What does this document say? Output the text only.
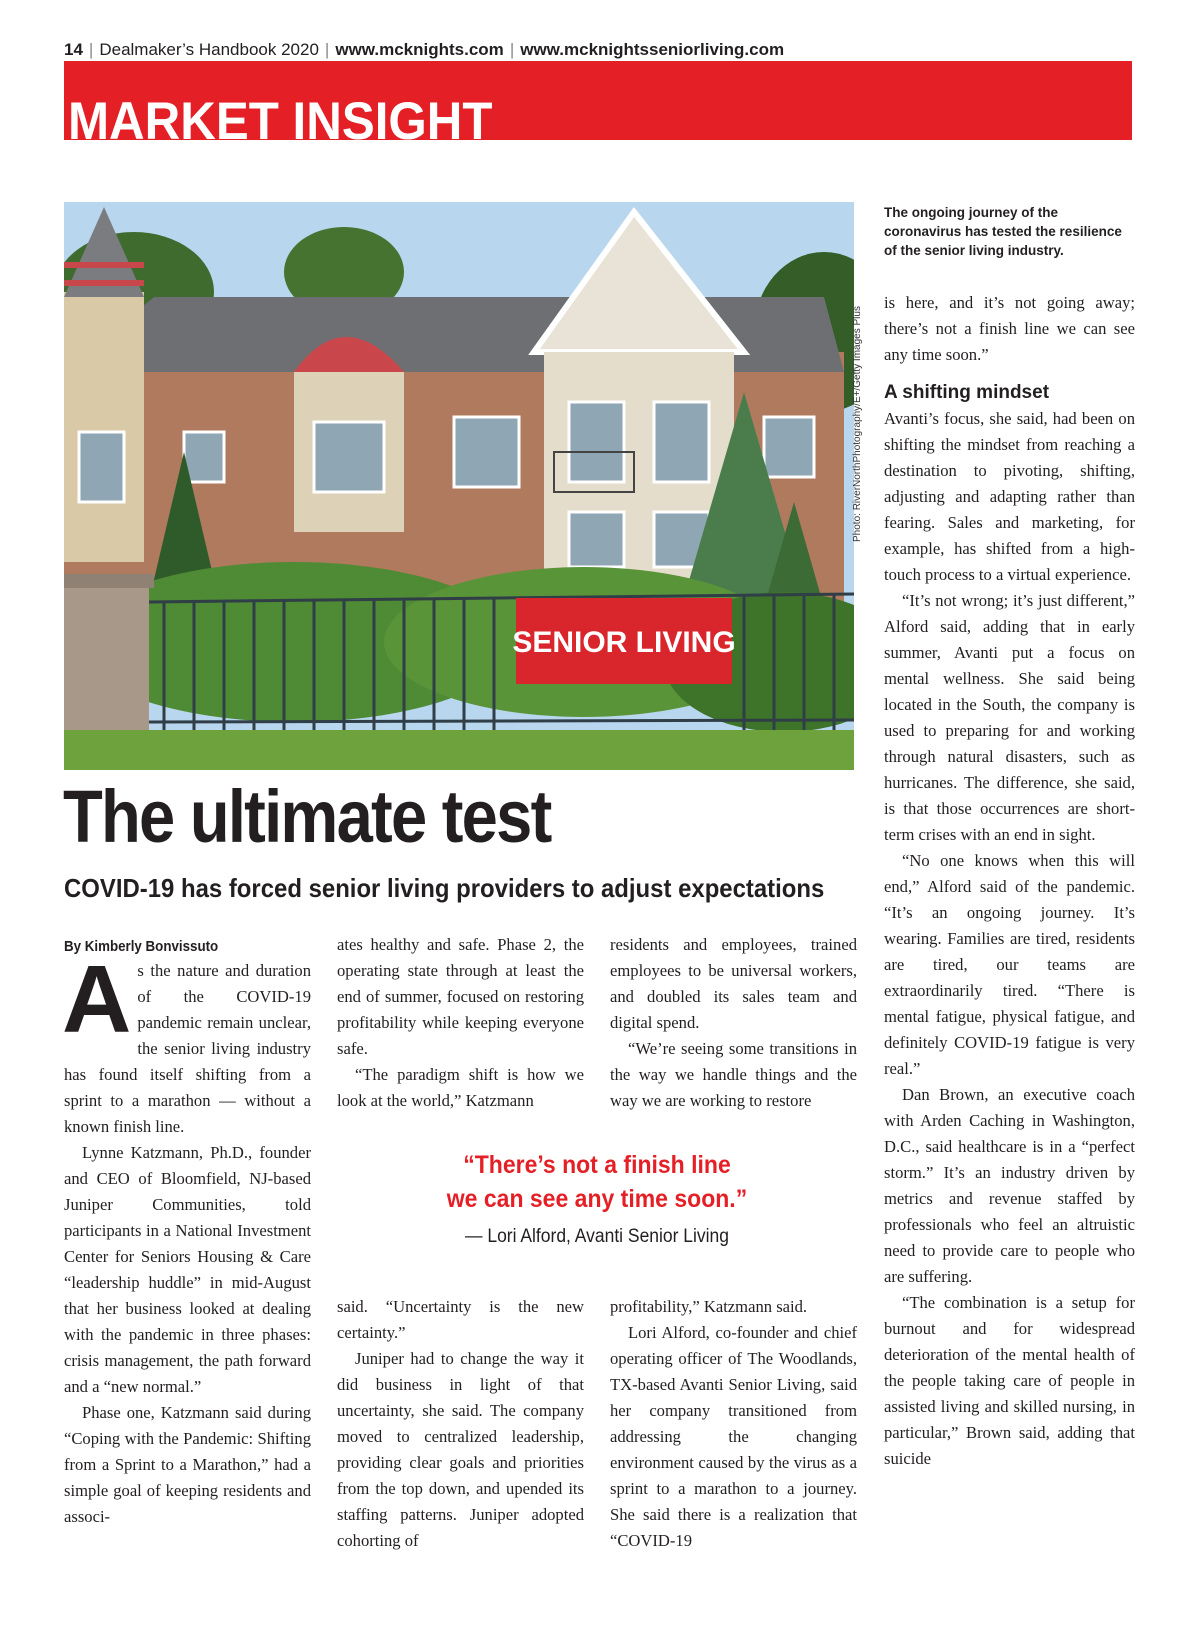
14 | Dealmaker’s Handbook 2020 | www.mcknights.com | www.mcknightsseniorliving.com
MARKET INSIGHT
SENIOR LIVING
Photo: RiverNorthPhotography/E+/Getty Images Plus
The ongoing journey of the coronavirus has tested the resilience of the senior living industry.
The ultimate test
COVID-19 has forced senior living providers to adjust expectations
By Kimberly Bonvissuto

As the nature and duration of the COVID-19 pandemic remain unclear, the senior living industry has found itself shifting from a sprint to a marathon — without a known finish line.

Lynne Katzmann, Ph.D., founder and CEO of Bloomfield, NJ-based Juniper Communities, told participants in a National Investment Center for Seniors Housing & Care “leadership huddle” in mid-August that her business looked at dealing with the pandemic in three phases: crisis management, the path forward and a “new normal.”

Phase one, Katzmann said during “Coping with the Pandemic: Shifting from a Sprint to a Marathon,” had a simple goal of keeping residents and associ-

ates healthy and safe. Phase 2, the operating state through at least the end of summer, focused on restoring profitability while keeping everyone safe.

“The paradigm shift is how we look at the world,” Katzmann

residents and employees, trained employees to be universal workers, and doubled its sales team and digital spend.

“We’re seeing some transitions in the way we handle things and the way we are working to restore

“There’s not a finish line
we can see any time soon.”
— Lori Alford, Avanti Senior Living

said. “Uncertainty is the new certainty.”

Juniper had to change the way it did business in light of that uncertainty, she said. The company moved to centralized leadership, providing clear goals and priorities from the top down, and upended its staffing patterns. Juniper adopted cohorting of

profitability,” Katzmann said.

Lori Alford, co-founder and chief operating officer of The Woodlands, TX-based Avanti Senior Living, said her company transitioned from addressing the changing environment caused by the virus as a sprint to a marathon to a journey. She said there is a realization that “COVID-19

is here, and it’s not going away; there’s not a finish line we can see any time soon.”

A shifting mindset

Avanti’s focus, she said, had been on shifting the mindset from reaching a destination to pivoting, shifting, adjusting and adapting rather than fearing. Sales and marketing, for example, has shifted from a high-touch process to a virtual experience.

“It’s not wrong; it’s just different,” Alford said, adding that in early summer, Avanti put a focus on mental wellness. She said being located in the South, the company is used to preparing for and working through natural disasters, such as hurricanes. The difference, she said, is that those occurrences are short-term crises with an end in sight.

“No one knows when this will end,” Alford said of the pandemic. “It’s an ongoing journey. It’s wearing. Families are tired, residents are tired, our teams are extraordinarily tired. “There is mental fatigue, physical fatigue, and definitely COVID-19 fatigue is very real.”

Dan Brown, an executive coach with Arden Caching in Washington, D.C., said healthcare is in a “perfect storm.” It’s an industry driven by metrics and revenue staffed by professionals who feel an altruistic need to provide care to people who are suffering.

“The combination is a setup for burnout and for widespread deterioration of the mental health of the people taking care of people in assisted living and skilled nursing, in particular,” Brown said, adding that suicide
